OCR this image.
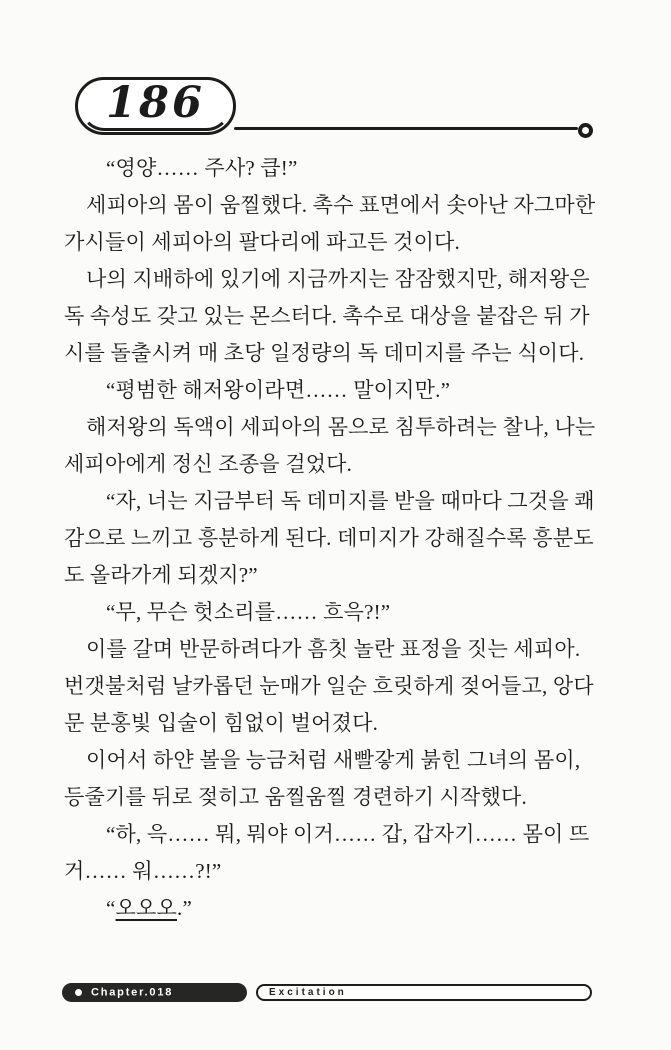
186
“영양…… 주사? 큽!”
세피아의 몸이 움찔했다. 촉수 표면에서 솟아난 자그마한
가시들이 세피아의 팔다리에 파고든 것이다.
나의 지배하에 있기에 지금까지는 잠잠했지만, 해저왕은
독 속성도 갖고 있는 몬스터다. 촉수로 대상을 붙잡은 뒤 가
시를 돌출시켜 매 초당 일정량의 독 데미지를 주는 식이다.
“평범한 해저왕이라면…… 말이지만.”
해저왕의 독액이 세피아의 몸으로 침투하려는 찰나, 나는
세피아에게 정신 조종을 걸었다.
“자, 너는 지금부터 독 데미지를 받을 때마다 그것을 쾌
감으로 느끼고 흥분하게 된다. 데미지가 강해질수록 흥분도
도 올라가게 되겠지?”
“무, 무슨 헛소리를…… 흐윽?!”
이를 갈며 반문하려다가 흠칫 놀란 표정을 짓는 세피아.
번갯불처럼 날카롭던 눈매가 일순 흐릿하게 젖어들고, 앙다
문 분홍빛 입술이 힘없이 벌어졌다.
이어서 하얀 볼을 능금처럼 새빨갛게 붉힌 그녀의 몸이,
등줄기를 뒤로 젖히고 움찔움찔 경련하기 시작했다.
“하, 윽…… 뭐, 뭐야 이거…… 갑, 갑자기…… 몸이 뜨
거…… 워……?!”
“오오오.”
Chapter.018	Excitation
